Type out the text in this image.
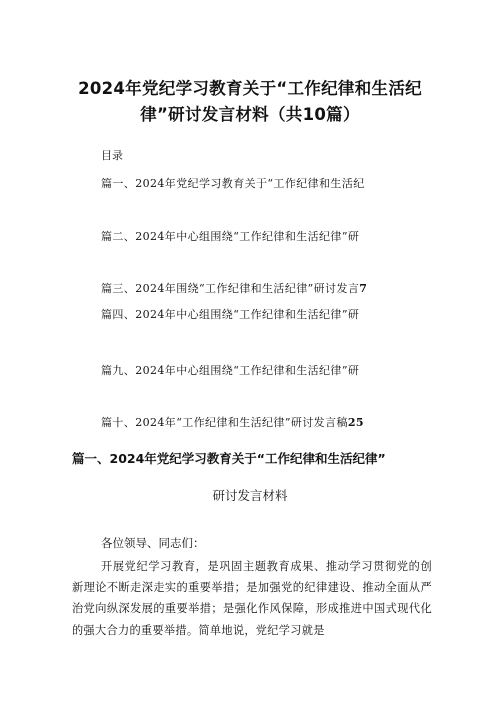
2024年党纪学习教育关于“工作纪律和生活纪
律”研讨发言材料（共10篇）
目录
篇一、2024年党纪学习教育关于“工作纪律和生活纪
篇二、2024年中心组围绕“工作纪律和生活纪律”研
篇三、2024年围绕“工作纪律和生活纪律”研讨发言7
篇四、2024年中心组围绕“工作纪律和生活纪律”研
篇九、2024年中心组围绕“工作纪律和生活纪律”研
篇十、2024年“工作纪律和生活纪律”研讨发言稿25
篇一、2024年党纪学习教育关于“工作纪律和生活纪律”
研讨发言材料
各位领导、同志们：
开展党纪学习教育，是巩固主题教育成果、推动学习贯彻党的创新理论不断走深走实的重要举措；是加强党的纪律建设、推动全面从严治党向纵深发展的重要举措；是强化作风保障，形成推进中国式现代化的强大合力的重要举措。简单地说，党纪学习就是
